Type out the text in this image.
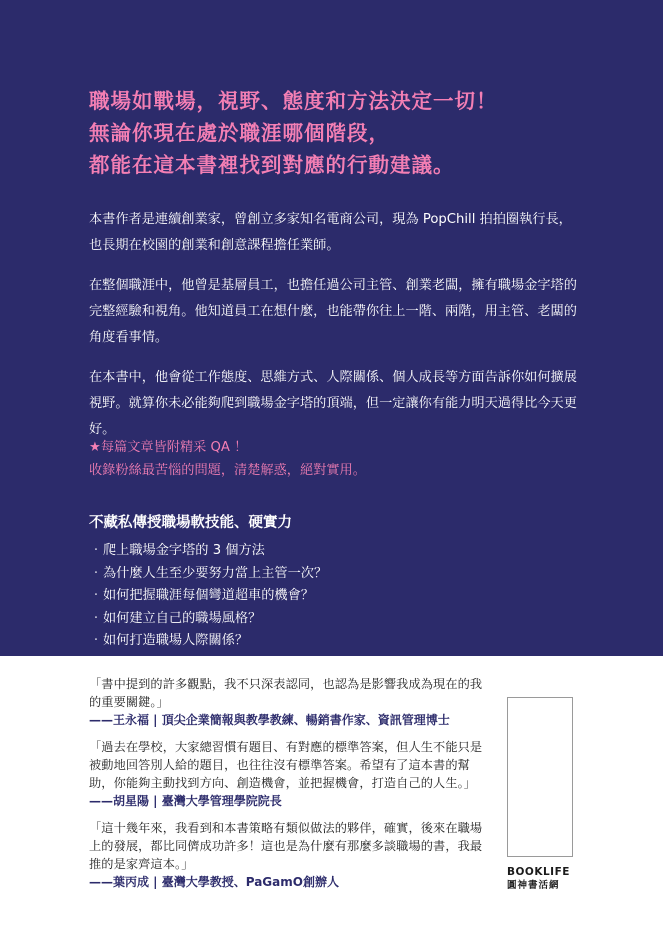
職場如戰場，視野、態度和方法決定一切！
無論你現在處於職涯哪個階段，
都能在這本書裡找到對應的行動建議。

本書作者是連續創業家，曾創立多家知名電商公司，現為 PopChill 拍拍圈執行長，也長期在校園的創業和創意課程擔任業師。

在整個職涯中，他曾是基層員工，也擔任過公司主管、創業老闆，擁有職場金字塔的完整經驗和視角。他知道員工在想什麼，也能帶你往上一階、兩階，用主管、老闆的角度看事情。

在本書中，他會從工作態度、思維方式、人際關係、個人成長等方面告訴你如何擴展視野。就算你未必能夠爬到職場金字塔的頂端，但一定讓你有能力明天過得比今天更好。

★每篇文章皆附精采 QA ！
收錄粉絲最苦惱的問題，清楚解惑，絕對實用。
不藏私傳授職場軟技能、硬實力
· 爬上職場金字塔的 3 個方法
· 為什麼人生至少要努力當上主管一次？
· 如何把握職涯每個彎道超車的機會？
· 如何建立自己的職場風格？
· 如何打造職場人際關係？
「書中提到的許多觀點，我不只深表認同，也認為是影響我成為現在的我的重要關鍵。」
——王永福 | 頂尖企業簡報與教學教練、暢銷書作家、資訊管理博士
「過去在學校，大家總習慣有題目、有對應的標準答案，但人生不能只是被動地回答別人給的題目，也往往沒有標準答案。希望有了這本書的幫助，你能夠主動找到方向、創造機會，並把握機會，打造自己的人生。」
——胡星陽 | 臺灣大學管理學院院長
「這十幾年來，我看到和本書策略有類似做法的夥伴，確實，後來在職場上的發展，都比同儕成功許多！這也是為什麼有那麼多談職場的書，我最推的是家齊這本。」
——葉丙成 | 臺灣大學教授、PaGamO創辦人
BOOKLIFE
圓神書活網
